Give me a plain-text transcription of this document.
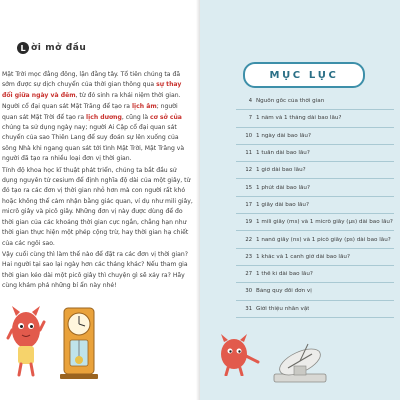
L ời mở đầu

Mặt Trời mọc đằng đông, lặn đằng tây. Tổ tiên chúng ta đã sớm được sự dịch chuyển của thời gian thông qua sự thay đổi giữa ngày và đêm, từ đó sinh ra khái niệm thời gian.

Người cổ đại quan sát Mặt Trăng để tạo ra lịch âm; người quan sát Mặt Trời để tạo ra lịch dương, cũng là cơ sở của chúng ta sử dụng ngày nay; người Ai Cập cổ đại quan sát chuyển của sao Thiên Lang để suy đoán sự lên xuống của sông Nhà khi ngang quan sát tới tình Mặt Trời, Mặt Trăng và người đã tạo ra nhiều loại đơn vị thời gian.

Tính độ khoa học kĩ thuật phát triển, chúng ta bắt đầu sử dụng nguyên tử cesium để định nghĩa độ dài của một giây, từ đó tạo ra các đơn vị thời gian nhỏ hơn mà con người rất khó hoặc không thể cảm nhận bằng giác quan, ví dụ như mili giây, micrô giây và picô giây. Những đơn vị này được dùng để đo thời gian của các khoảng thời gian cực ngắn, chẳng hạn như thời gian thực hiện một phép cộng trừ, hay thời gian hạ chiết của các ngôi sao.

Vậy cuối cùng thì làm thế nào để đặt ra các đơn vị thời gian? Hai người tại sao lại ngày hơn các tháng khác? Nếu tham gia thời gian kéo dài một picô giây thì chuyện gì sẽ xảy ra? Hãy cùng khám phá những bí ẩn này nhé!

MỤC LỤC
4 Nguồn gốc của thời gian
7 1 năm và 1 tháng dài bao lâu?
10 1 ngày dài bao lâu?
11 1 tuần dài bao lâu?
12 1 giờ dài bao lâu?
15 1 phút dài bao lâu?
17 1 giây dài bao lâu?
19 1 mili giây (ms) và 1 micrô giây (μs) dài bao lâu?
22 1 nanô giây (ns) và 1 picô giây (ps) dài bao lâu?
23 1 khắc và 1 canh giờ dài bao lâu?
27 1 thế kỉ dài bao lâu?
30 Bảng quy đổi đơn vị
31 Giới thiệu nhân vật
